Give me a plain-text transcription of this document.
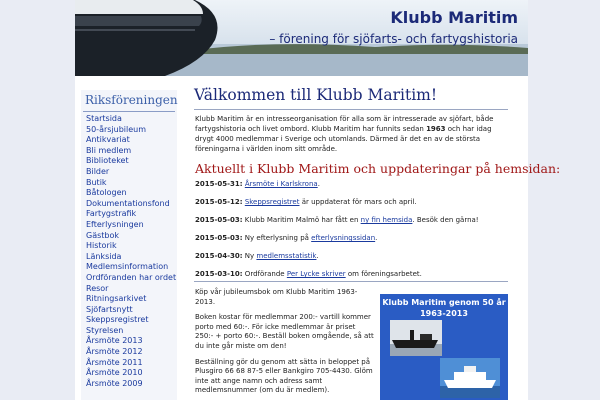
Klubb Maritim
– förening för sjöfarts- och fartygshistoria
Riksföreningen
Startsida
50-årsjubileum
Antikvariat
Bli medlem
Biblioteket
Bilder
Butik
Båtologen
Dokumentationsfond
Fartygstrafik
Efterlysningen
Gästbok
Historik
Länksida
Medlemsinformation
Ordföranden har ordet
Resor
Ritningsarkivet
Sjöfartsnytt
Skeppsregistret
Styrelsen
Årsmöte 2013
Årsmöte 2012
Årsmöte 2011
Årsmöte 2010
Årsmöte 2009
Välkommen till Klubb Maritim!
Klubb Maritim är en intresseorganisation för alla som är intresserade av sjöfart, både fartygshistoria och livet ombord. Klubb Maritim har funnits sedan 1963 och har idag drygt 4000 medlemmar i Sverige och utomlands. Därmed är det en av de största föreningarna i världen inom sitt område.
Aktuellt i Klubb Maritim och uppdateringar på hemsidan:
2015-05-31: Årsmöte i Karlskrona.
2015-05-12: Skeppsregistret är uppdaterat för mars och april.
2015-05-03: Klubb Maritim Malmö har fått en ny fin hemsida. Besök den gärna!
2015-05-03: Ny efterlysning på efterlysningssidan.
2015-04-30: Ny medlemsstatistik.
2015-03-10: Ordförande Per Lycke skriver om föreningsarbetet.

Köp vår jubileumsbok om Klubb Maritim 1963-2013.

Boken kostar för medlemmar 200:- vartill kommer porto med 60:-. För icke medlemmar är priset 250:- + porto 60:-. Beställ boken omgående, så att du inte går miste om den!

Beställning gör du genom att sätta in beloppet på Plusgiro 66 68 87-5 eller Bankgiro 705-4430. Glöm inte att ange namn och adress samt medlemsnummer (om du är medlem).

Klubb Maritim genom 50 år 1963-2013
